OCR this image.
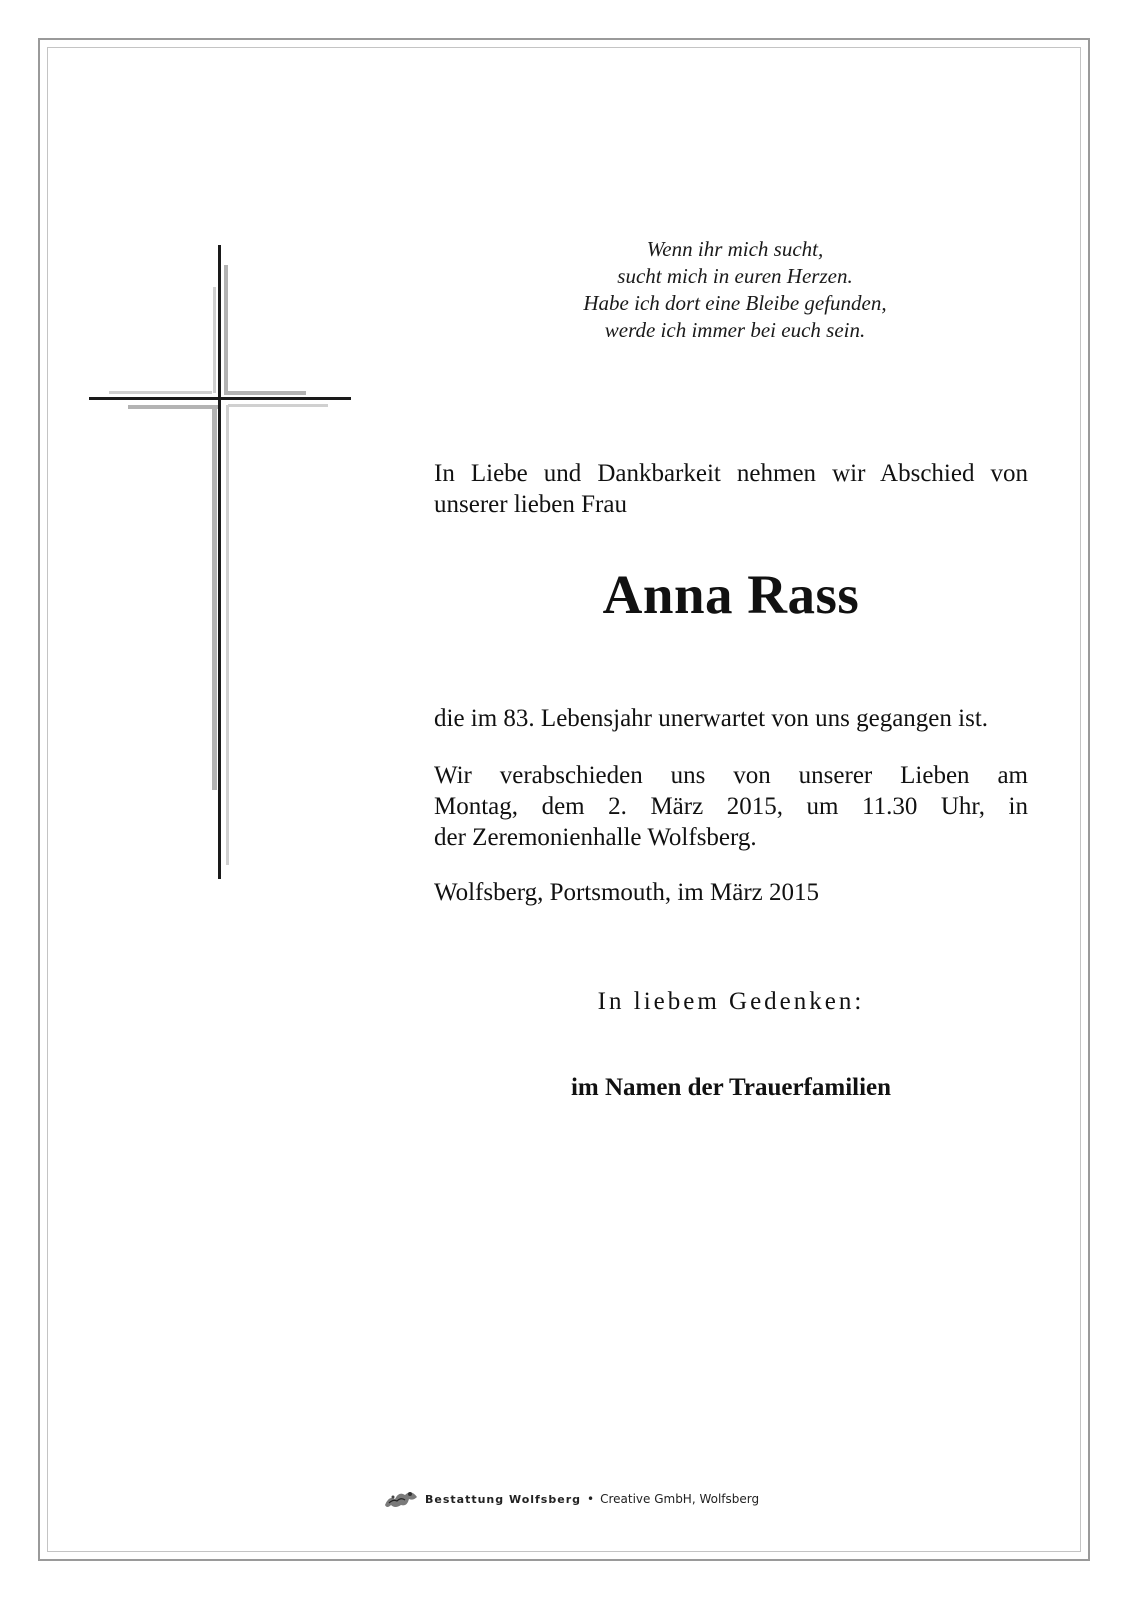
Wenn ihr mich sucht,
sucht mich in euren Herzen.
Habe ich dort eine Bleibe gefunden,
werde ich immer bei euch sein.
In Liebe und Dankbarkeit nehmen wir Abschied von
unserer lieben Frau
Anna Rass
die im 83. Lebensjahr unerwartet von uns gegangen ist.
Wir verabschieden uns von unserer Lieben am
Montag, dem 2. März 2015, um 11.30 Uhr, in
der Zeremonienhalle Wolfsberg.
Wolfsberg, Portsmouth, im März 2015
In liebem Gedenken:
im Namen der Trauerfamilien
Bestattung Wolfsberg • Creative GmbH, Wolfsberg
